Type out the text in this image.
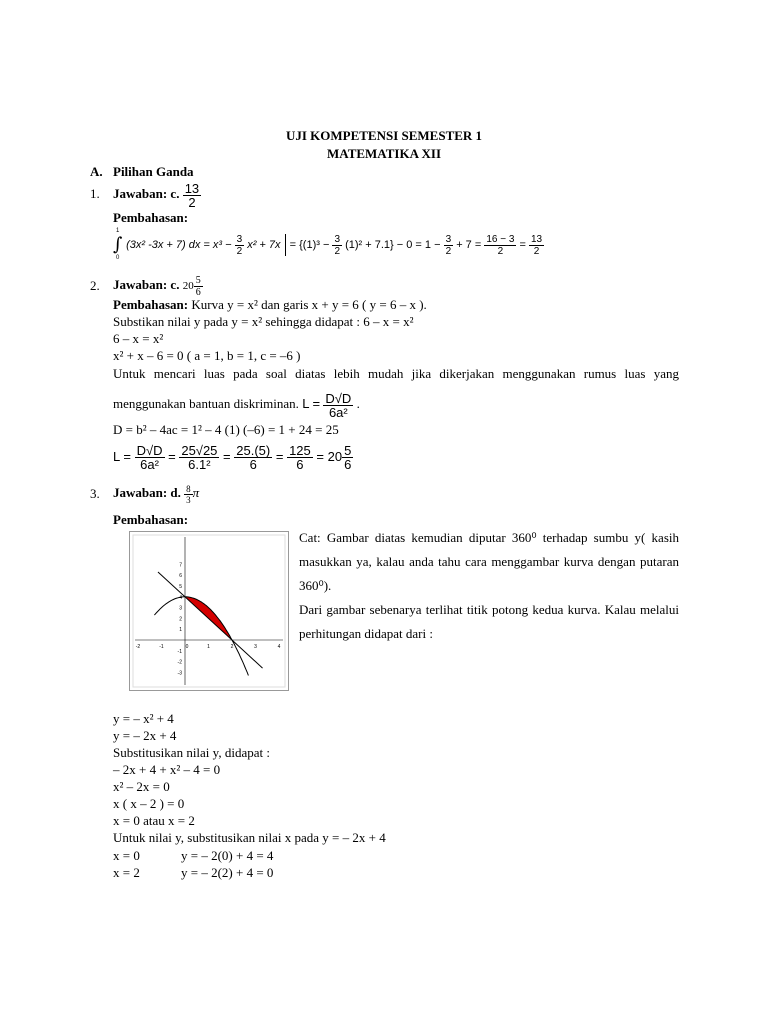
UJI KOMPETENSI SEMESTER 1
MATEMATIKA XII
A. Pilihan Ganda
1. Jawaban: c. $\frac{13}{2}$
Pembahasan:
∫
1
0
(3x² -3x + 7) dx = $x^3 - \frac{3}{2} x^2 + 7x = \{(1)^3 - \frac{3}{2} (1)^2 + 7.1\} - 0 = 1 - \frac{3}{2} + 7 = \frac{16 - 3}{2} = \frac{13}{2}$
2. Jawaban: c. $20 \frac{5}{6}$
Pembahasan: Kurva y = x² dan garis x + y = 6 ( y = 6 – x ).
Substikan nilai y pada y = x² sehingga didapat : 6 – x = x²
6 – x = x²
x² + x – 6 = 0 ( a = 1, b = 1, c = –6 )
Untuk mencari luas pada soal diatas lebih mudah jika dikerjakan menggunakan rumus luas yang
menggunakan bantuan diskriminan. $L = \frac{D√D}{\text{6a²}}$ .
D = b² – 4ac = 1² – 4 (1) (–6) = 1 + 24 = 25
$L = \frac{D√D}{\text{6a²}} = \frac{25√25}{\text{6.1²}} = \frac{25.(5)}{6} = \frac{125}{6} = 20 \frac{5}{6}$
3. Jawaban: d. $\frac{8}{3}$ π
Pembahasan:
-2	-1	0	1	2	3	4
7
6
5
4
3
2
1
-1
-2
-3

Cat: Gambar diatas kemudian diputar 360⁰ terhadap sumbu y( kasih masukkan ya, kalau anda tahu cara menggambar kurva dengan putaran 360⁰).

Dari gambar sebenarya terlihat titik potong kedua kurva. Kalau melalui perhitungan didapat dari :

y = – x² + 4
y = – 2x + 4
Substitusikan nilai y, didapat :
– 2x + 4 + x² – 4 = 0
x² – 2x = 0
x ( x – 2 ) = 0
x = 0 atau x = 2
Untuk nilai y, substitusikan nilai x pada y = – 2x + 4
x = 0	y = – 2(0) + 4 = 4
x = 2	y = – 2(2) + 4 = 0
